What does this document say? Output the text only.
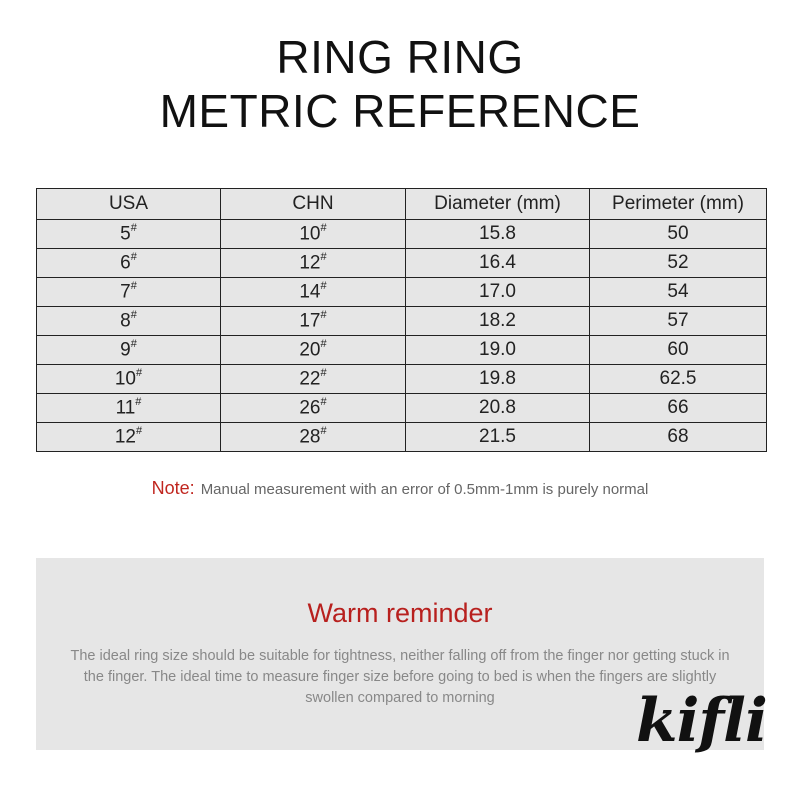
RING RING
METRIC REFERENCE
USA	CHN	Diameter (mm)	Perimeter (mm)
5#	10#	15.8	50
6#	12#	16.4	52
7#	14#	17.0	54
8#	17#	18.2	57
9#	20#	19.0	60
10#	22#	19.8	62.5
11#	26#	20.8	66
12#	28#	21.5	68
Note: Manual measurement with an error of 0.5mm-1mm is purely normal
Warm reminder
The ideal ring size should be suitable for tightness, neither falling off from the finger nor getting stuck in the finger. The ideal time to measure finger size before going to bed is when the fingers are slightly swollen compared to morning	kifli
